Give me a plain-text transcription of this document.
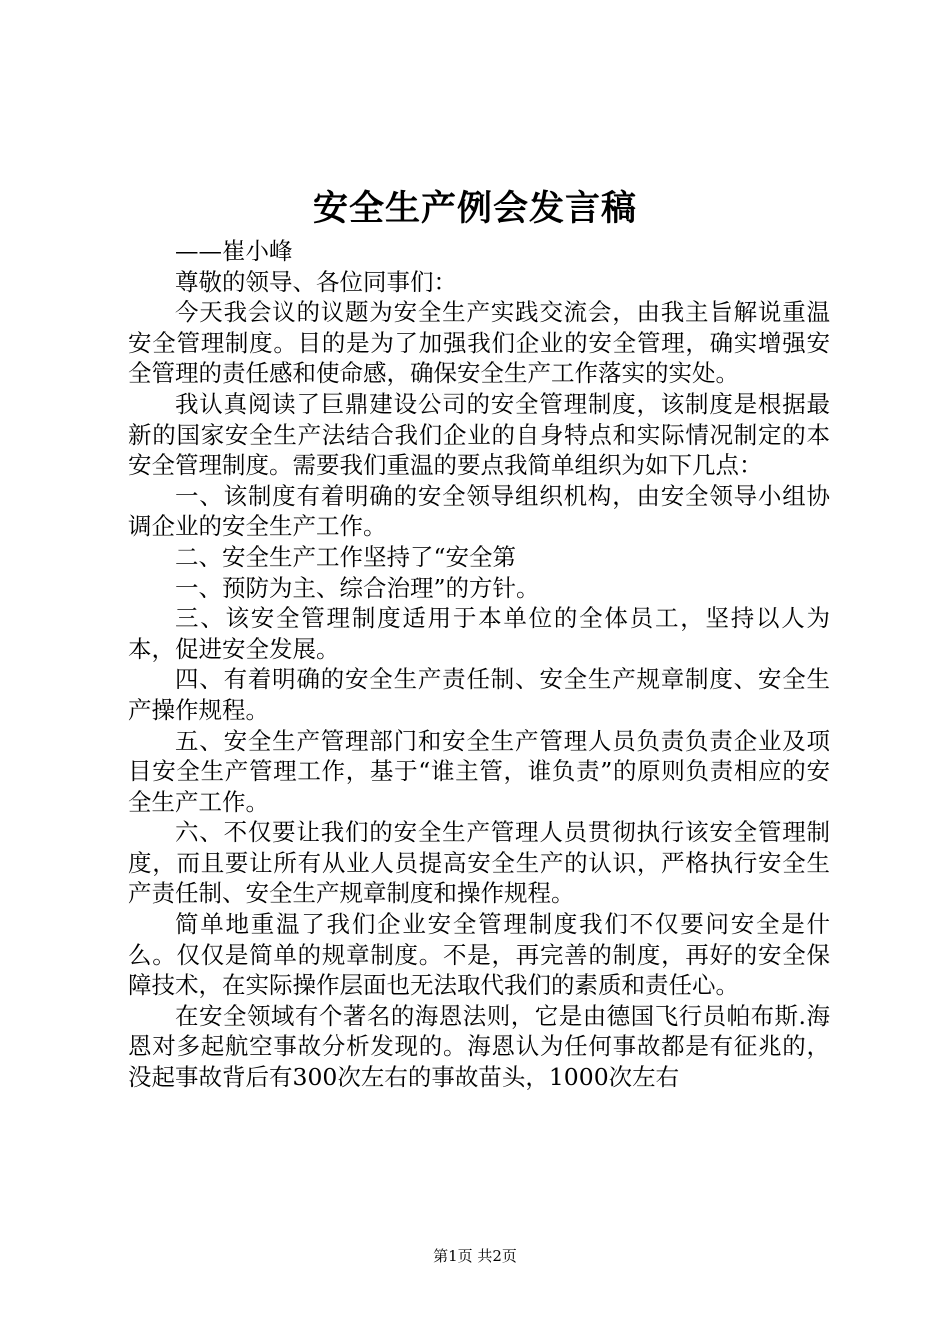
安全生产例会发言稿

——崔小峰

尊敬的领导、各位同事们：

今天我会议的议题为安全生产实践交流会，由我主旨解说重温安全管理制度。目的是为了加强我们企业的安全管理，确实增强安全管理的责任感和使命感，确保安全生产工作落实的实处。

我认真阅读了巨鼎建设公司的安全管理制度，该制度是根据最新的国家安全生产法结合我们企业的自身特点和实际情况制定的本安全管理制度。需要我们重温的要点我简单组织为如下几点：

一、该制度有着明确的安全领导组织机构，由安全领导小组协调企业的安全生产工作。

二、安全生产工作坚持了“安全第

一、预防为主、综合治理”的方针。

三、该安全管理制度适用于本单位的全体员工，坚持以人为本，促进安全发展。

四、有着明确的安全生产责任制、安全生产规章制度、安全生产操作规程。

五、安全生产管理部门和安全生产管理人员负责负责企业及项目安全生产管理工作，基于“谁主管，谁负责”的原则负责相应的安全生产工作。

六、不仅要让我们的安全生产管理人员贯彻执行该安全管理制度，而且要让所有从业人员提高安全生产的认识，严格执行安全生产责任制、安全生产规章制度和操作规程。

简单地重温了我们企业安全管理制度我们不仅要问安全是什么。仅仅是简单的规章制度。不是，再完善的制度，再好的安全保障技术，在实际操作层面也无法取代我们的素质和责任心。

在安全领域有个著名的海恩法则，它是由德国飞行员帕布斯.海恩对多起航空事故分析发现的。海恩认为任何事故都是有征兆的，没起事故背后有300次左右的事故苗头，1000次左右

第1页 共2页
